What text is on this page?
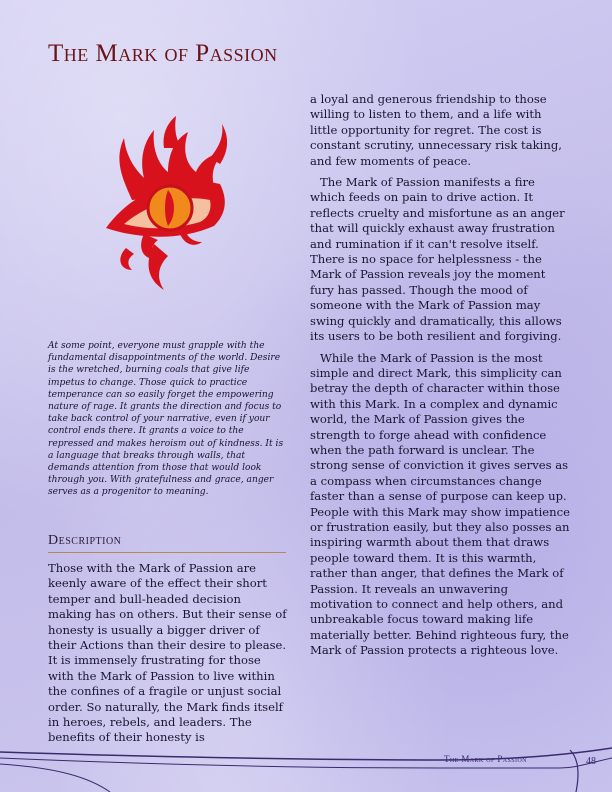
The Mark of Passion

At some point, everyone must grapple with the fundamental disappointments of the world. Desire is the wretched, burning coals that give life impetus to change. Those quick to practice temperance can so easily forget the empowering nature of rage. It grants the direction and focus to take back control of your narrative, even if your control ends there. It grants a voice to the repressed and makes heroism out of kindness. It is a language that breaks through walls, that demands attention from those that would look through you. With gratefulness and grace, anger serves as a progenitor to meaning.

Description

Those with the Mark of Passion are keenly aware of the effect their short temper and bull-headed decision making has on others. But their sense of honesty is usually a bigger driver of their Actions than their desire to please. It is immensely frustrating for those with the Mark of Passion to live within the confines of a fragile or unjust social order. So naturally, the Mark finds itself in heroes, rebels, and leaders. The benefits of their honesty is

a loyal and generous friendship to those willing to listen to them, and a life with little opportunity for regret. The cost is constant scrutiny, unnecessary risk taking, and few moments of peace.

The Mark of Passion manifests a fire which feeds on pain to drive action. It reflects cruelty and misfortune as an anger that will quickly exhaust away frustration and rumination if it can't resolve itself. There is no space for helplessness - the Mark of Passion reveals joy the moment fury has passed. Though the mood of someone with the Mark of Passion may swing quickly and dramatically, this allows its users to be both resilient and forgiving.

While the Mark of Passion is the most simple and direct Mark, this simplicity can betray the depth of character within those with this Mark. In a complex and dynamic world, the Mark of Passion gives the strength to forge ahead with confidence when the path forward is unclear. The strong sense of conviction it gives serves as a compass when circumstances change faster than a sense of purpose can keep up. People with this Mark may show impatience or frustration easily, but they also posses an inspiring warmth about them that draws people toward them. It is this warmth, rather than anger, that defines the Mark of Passion. It reveals an unwavering motivation to connect and help others, and unbreakable focus toward making life materially better. Behind righteous fury, the Mark of Passion protects a righteous love.

The Mark of Passion	48
